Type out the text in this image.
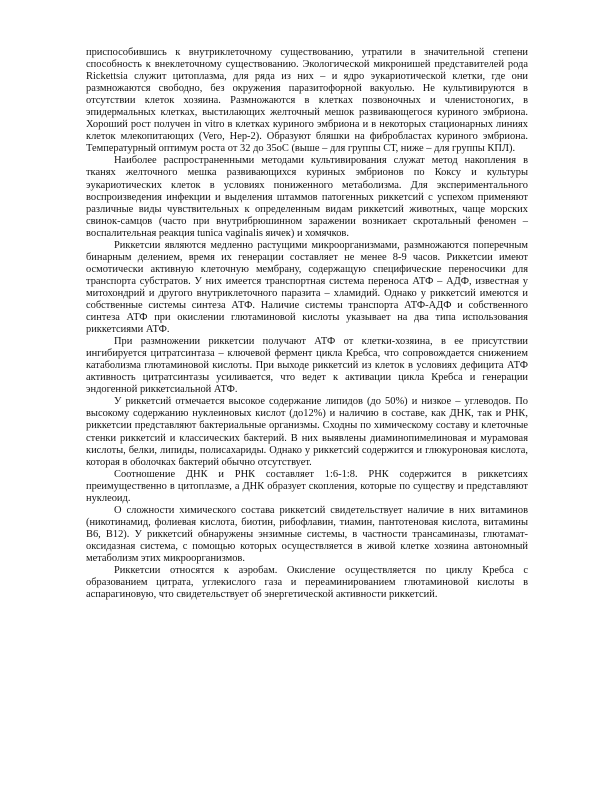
приспособившись к внутриклеточному существованию, утратили в значительной степени способность к внеклеточному существованию. Экологической микронишей представителей рода Rickettsia служит цитоплазма, для ряда из них – и ядро эукариотической клетки, где они размножаются свободно, без окружения паразитофорной вакуолью. Не культивируются в отсутствии клеток хозяина. Размножаются в клетках позвоночных и членистоногих, в эпидермальных клетках, выстилающих желточный мешок развивающегося куриного эмбриона. Хороший рост получен in vitro в клетках куриного эмбриона и в некоторых стационарных линиях клеток млекопитающих (Vero, Hep-2). Образуют бляшки на фибробластах куриного эмбриона. Температурный оптимум роста от 32 до 35оС (выше – для группы СТ, ниже – для группы КПЛ).

Наиболее распространенными методами культивирования служат метод накопления в тканях желточного мешка развивающихся куриных эмбрионов по Коксу и культуры эукариотических клеток в условиях пониженного метаболизма. Для экспериментального воспроизведения инфекции и выделения штаммов патогенных риккетсий с успехом применяют различные виды чувствительных к определенным видам риккетсий животных, чаще морских свинок-самцов (часто при внутрибрюшинном заражении возникает скротальный феномен – воспалительная реакция tunica vaginalis яичек) и хомячков.

Риккетсии являются медленно растущими микроорганизмами, размножаются поперечным бинарным делением, время их генерации составляет не менее 8-9 часов. Риккетсии имеют осмотически активную клеточную мембрану, содержащую специфические переносчики для транспорта субстратов. У них имеется транспортная система переноса АТФ – АДФ, известная у митохондрий и другого внутриклеточного паразита – хламидий. Однако у риккетсий имеются и собственные системы синтеза АТФ. Наличие системы транспорта АТФ-АДФ и собственного синтеза АТФ при окислении глютаминовой кислоты указывает на два типа использования риккетсиями АТФ.

При размножении риккетсии получают АТФ от клетки-хозяина, в ее присутствии ингибируется цитратсинтаза – ключевой фермент цикла Кребса, что сопровождается снижением катаболизма глютаминовой кислоты. При выходе риккетсий из клеток в условиях дефицита АТФ активность цитратсинтазы усиливается, что ведет к активации цикла Кребса и генерации эндогенной риккетсиальной АТФ.

У риккетсий отмечается высокое содержание липидов (до 50%) и низкое – углеводов. По высокому содержанию нуклеиновых кислот (до12%) и наличию в составе, как ДНК, так и РНК, риккетсии представляют бактериальные организмы. Сходны по химическому составу и клеточные стенки риккетсий и классических бактерий. В них выявлены диаминопимелиновая и мурамовая кислоты, белки, липиды, полисахариды. Однако у риккетсий содержится и глюкуроновая кислота, которая в оболочках бактерий обычно отсутствует.

Соотношение ДНК и РНК составляет 1:6-1:8. РНК содержится в риккетсиях преимущественно в цитоплазме, а ДНК образует скопления, которые по существу и представляют нуклеоид.

О сложности химического состава риккетсий свидетельствует наличие в них витаминов (никотинамид, фолиевая кислота, биотин, рибофлавин, тиамин, пантотеновая кислота, витамины В6, В12). У риккетсий обнаружены энзимные системы, в частности трансаминазы, глютамат-оксидазная система, с помощью которых осуществляется в живой клетке хозяина автономный метаболизм этих микроорганизмов.

Риккетсии относятся к аэробам. Окисление осуществляется по циклу Кребса с образованием цитрата, углекислого газа и переаминированием глютаминовой кислоты в аспарагиновую, что свидетельствует об энергетической активности риккетсий.
